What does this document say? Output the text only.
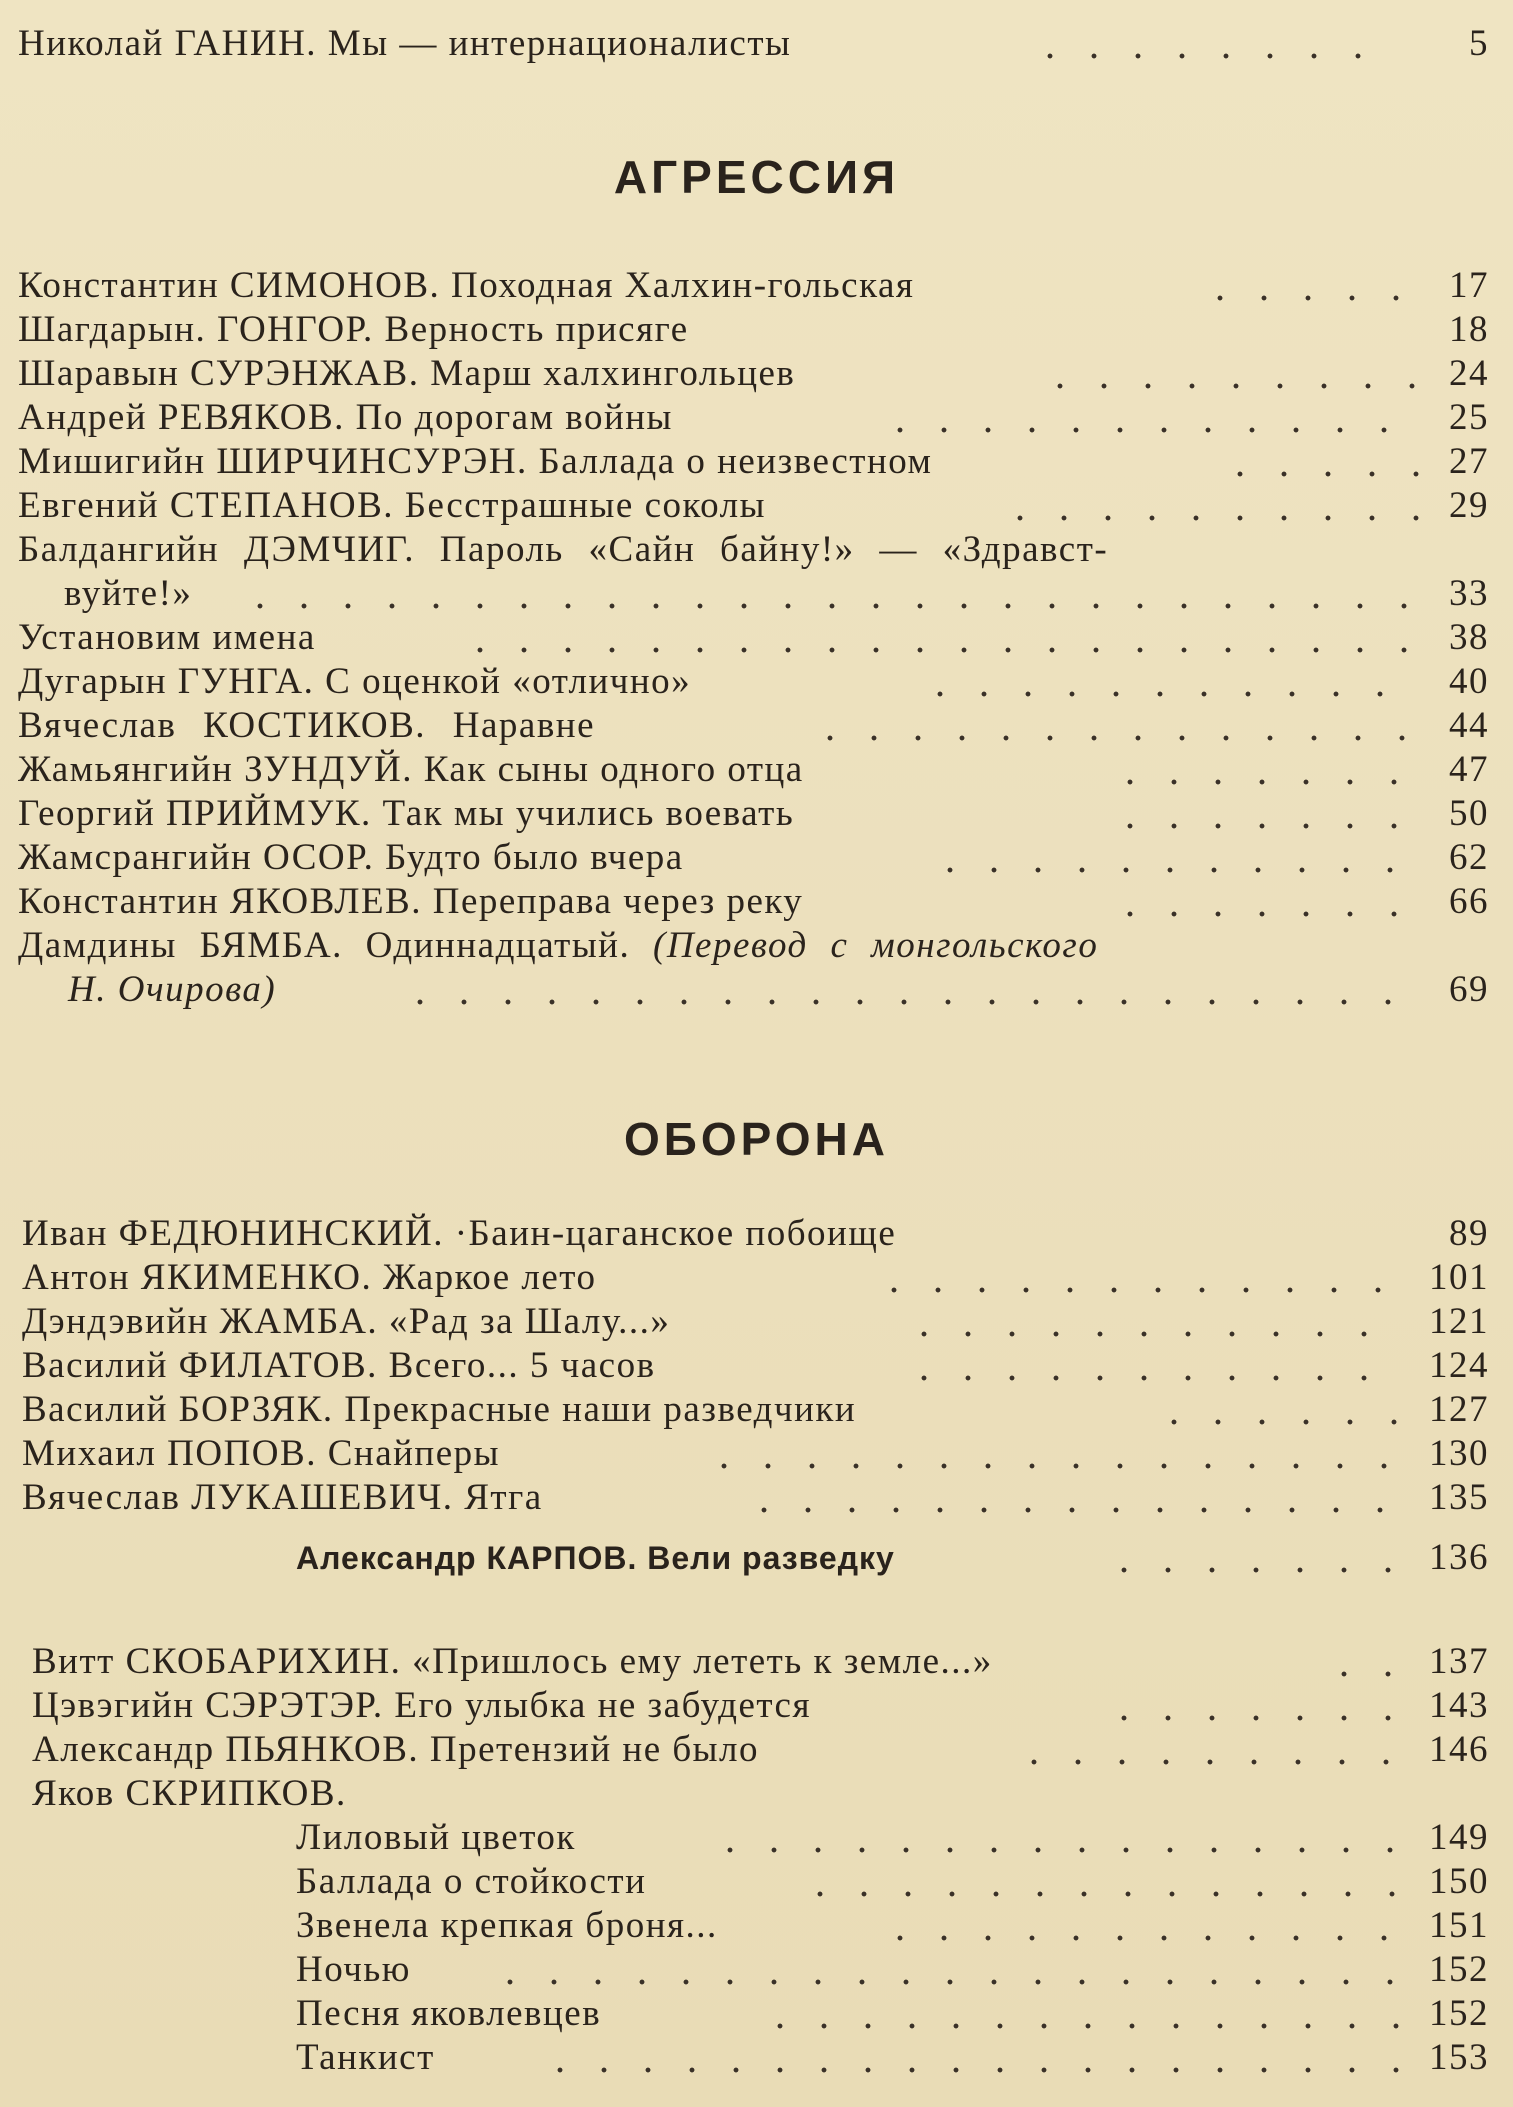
Николай ГАНИН. Мы — интернационалисты	5
АГРЕССИЯ
Константин СИМОНОВ. Походная Халхин-гольская	17
Шагдарын. ГОНГОР. Верность присяге	18
Шаравын СУРЭНЖАВ. Марш халхингольцев	24
Андрей РЕВЯКОВ. По дорогам войны	25
Мишигийн ШИРЧИНСУРЭН. Баллада о неизвестном	27
Евгений СТЕПАНОВ. Бесстрашные соколы	29
Балдангийн ДЭМЧИГ. Пароль «Сайн байну!» — «Здравст-
вуйте!»	33
Установим имена	38
Дугарын ГУНГА. С оценкой «отлично»	40
Вячеслав КОСТИКОВ. Наравне	44
Жамьянгийн ЗУНДУЙ. Как сыны одного отца	47
Георгий ПРИЙМУК. Так мы учились воевать	50
Жамсрангийн ОСОР. Будто было вчера	62
Константин ЯКОВЛЕВ. Переправа через реку	66
Дамдины БЯМБА. Одиннадцатый. (Перевод с монгольского
Н. Очирова)	69
ОБОРОНА
Иван ФЕДЮНИНСКИЙ. ·Баин-цаганское побоище	89
Антон ЯКИМЕНКО. Жаркое лето	101
Дэндэвийн ЖАМБА. «Рад за Шалу...»	121
Василий ФИЛАТОВ. Всего... 5 часов	124
Василий БОРЗЯК. Прекрасные наши разведчики	127
Михаил ПОПОВ. Снайперы	130
Вячеслав ЛУКАШЕВИЧ. Ятга	135
Александр КАРПОВ. Вели разведку	136
Витт СКОБАРИХИН. «Пришлось ему лететь к земле...»	137
Цэвэгийн СЭРЭТЭР. Его улыбка не забудется	143
Александр ПЬЯНКОВ. Претензий не было	146
Яков СКРИПКОВ.
Лиловый цветок	149
Баллада о стойкости	150
Звенела крепкая броня...	151
Ночью	152
Песня яковлевцев	152
Танкист	153
